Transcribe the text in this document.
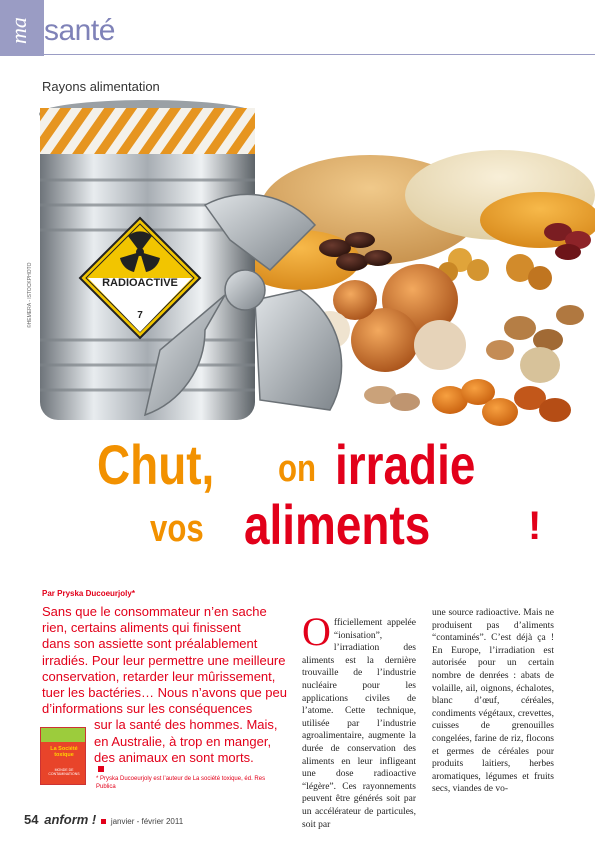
ma santé
Rayons alimentation
RADIOACTIVE
7
©HEMERA - ISTOCKPHOTO
Chut, on irradie
vos aliments !
Par Pryska Ducoeurjoly*
Sans que le consommateur n’en sache
rien, certains aliments qui finissent
dans son assiette sont préalablement
irradiés. Pour leur permettre une meilleure
conservation, retarder leur mûrissement,
tuer les bactéries… Nous n’avons que peu
d’informations sur les conséquences
sur la santé des hommes. Mais,
en Australie, à trop en manger,
des animaux en sont morts.
La Société toxique
MONDE DE CONTAMINATIONS
* Pryska Ducoeurjoly est l’auteur de La société toxique, éd. Res Publica

Officiellement appelée “ionisation”, l’irradiation des aliments est la dernière trouvaille de l’industrie nucléaire pour les applications civiles de l’atome. Cette technique, utilisée par l’industrie agroalimentaire, augmente la durée de conservation des aliments en leur infligeant une dose radioactive “légère”. Ces rayonnements peuvent être générés soit par un accélérateur de particules, soit par

une source radioactive. Mais ne produisent pas d’aliments “contaminés”. C’est déjà ça ! En Europe, l’irradiation est autorisée pour un certain nombre de denrées : abats de volaille, ail, oignons, échalotes, blanc d’œuf, céréales, condiments végétaux, crevettes, cuisses de grenouilles congelées, farine de riz, flocons et germes de céréales pour produits laitiers, herbes aromatiques, légumes et fruits secs, viandes de vo-

54 anform ! janvier - février 2011
